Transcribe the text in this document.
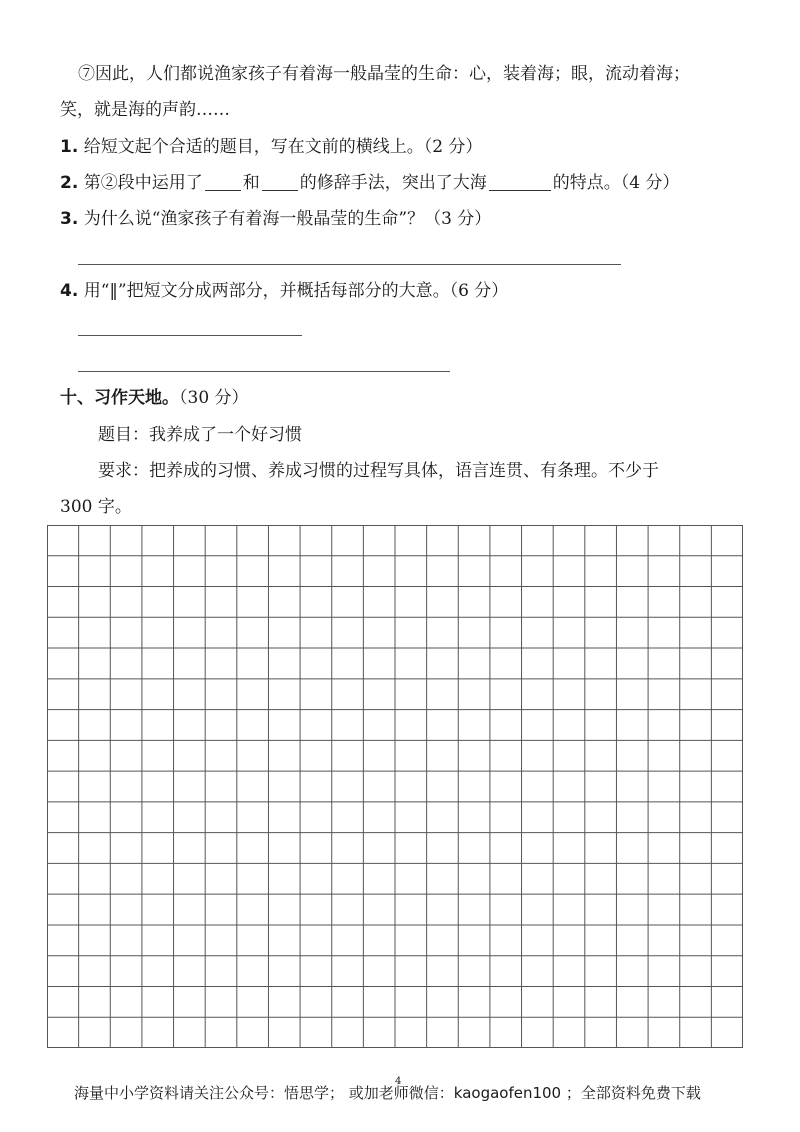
⑦因此，人们都说渔家孩子有着海一般晶莹的生命：心，装着海；眼，流动着海；
笑，就是海的声韵……
1. 给短文起个合适的题目，写在文前的横线上。（2 分）
2. 第②段中运用了 和 的修辞手法，突出了大海	的特点。（4 分）
3. 为什么说“渔家孩子有着海一般晶莹的生命”？（3 分）
4. 用“‖”把短文分成两部分，并概括每部分的大意。（6 分）
十、习作天地。（30 分）
题目：我养成了一个好习惯
要求：把养成的习惯、养成习惯的过程写具体，语言连贯、有条理。不少于
300 字。
海量中小学资料请关注公众号：悟思学； 或加老师微信：kaogaofen100 ；全部资料免费下载
4
